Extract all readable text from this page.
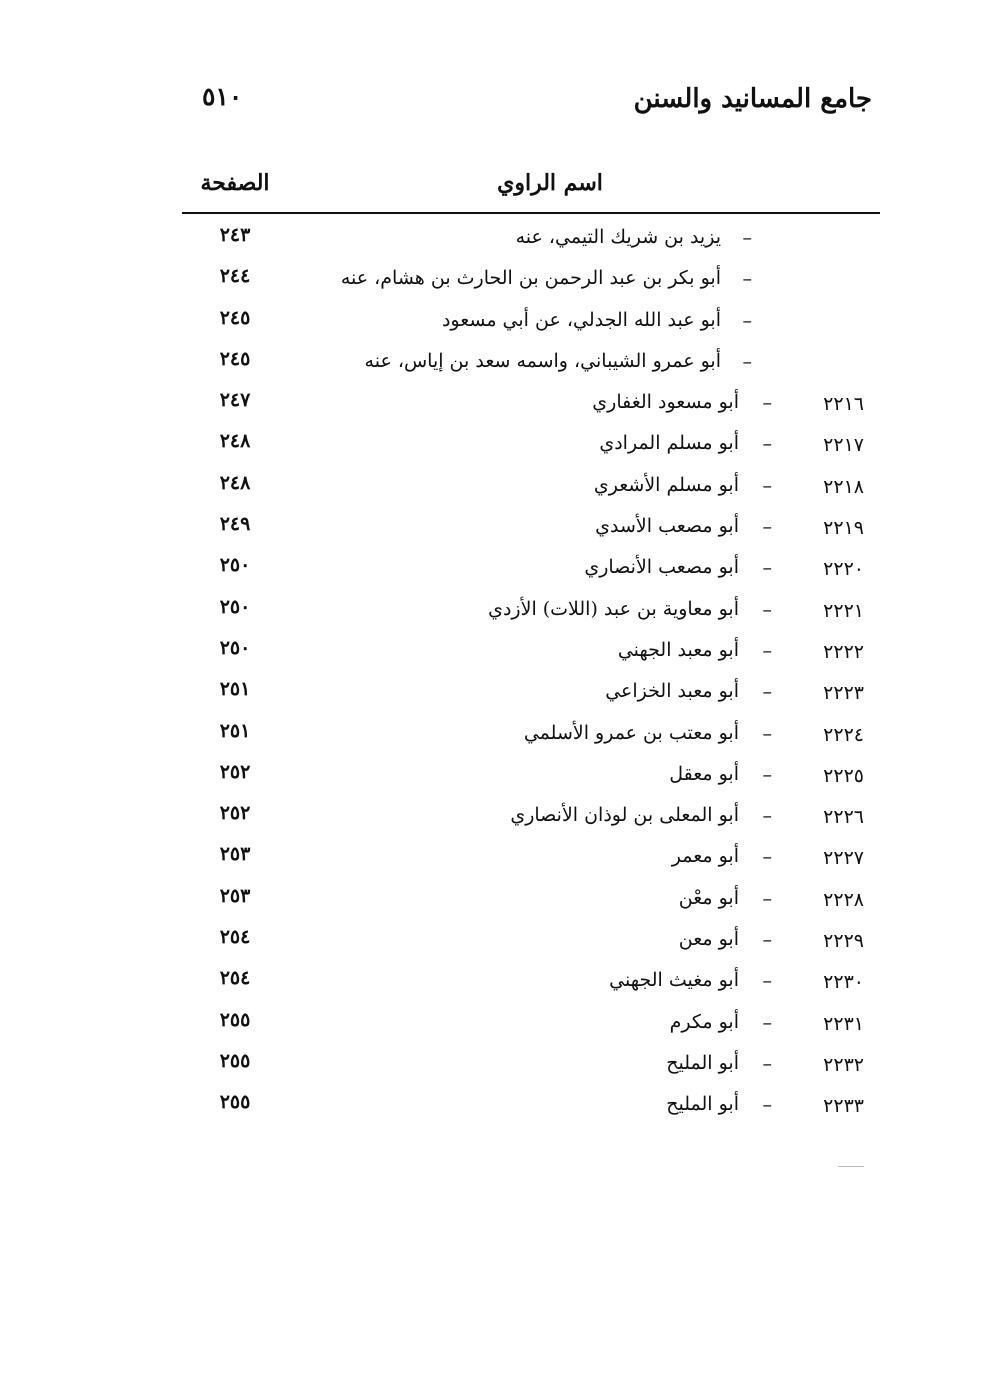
جامع المسانيد والسنن
٥١٠
اسم الراوي
الصفحة
–
يزيد بن شريك التيمي، عنه
٢٤٣
–
أبو بكر بن عبد الرحمن بن الحارث بن هشام، عنه
٢٤٤
–
أبو عبد الله الجدلي، عن أبي مسعود
٢٤٥
–
أبو عمرو الشيباني، واسمه سعد بن إياس، عنه
٢٤٥
٢٢١٦
–
أبو مسعود الغفاري
٢٤٧
٢٢١٧
–
أبو مسلم المرادي
٢٤٨
٢٢١٨
–
أبو مسلم الأشعري
٢٤٨
٢٢١٩
–
أبو مصعب الأسدي
٢٤٩
٢٢٢٠
–
أبو مصعب الأنصاري
٢٥٠
٢٢٢١
–
أبو معاوية بن عبد (اللات) الأزدي
٢٥٠
٢٢٢٢
–
أبو معبد الجهني
٢٥٠
٢٢٢٣
–
أبو معبد الخزاعي
٢٥١
٢٢٢٤
–
أبو معتب بن عمرو الأسلمي
٢٥١
٢٢٢٥
–
أبو معقل
٢٥٢
٢٢٢٦
–
أبو المعلى بن لوذان الأنصاري
٢٥٢
٢٢٢٧
–
أبو معمر
٢٥٣
٢٢٢٨
–
أبو معْن
٢٥٣
٢٢٢٩
–
أبو معن
٢٥٤
٢٢٣٠
–
أبو مغيث الجهني
٢٥٤
٢٢٣١
–
أبو مكرم
٢٥٥
٢٢٣٢
–
أبو المليح
٢٥٥
٢٢٣٣
–
أبو المليح
٢٥٥
